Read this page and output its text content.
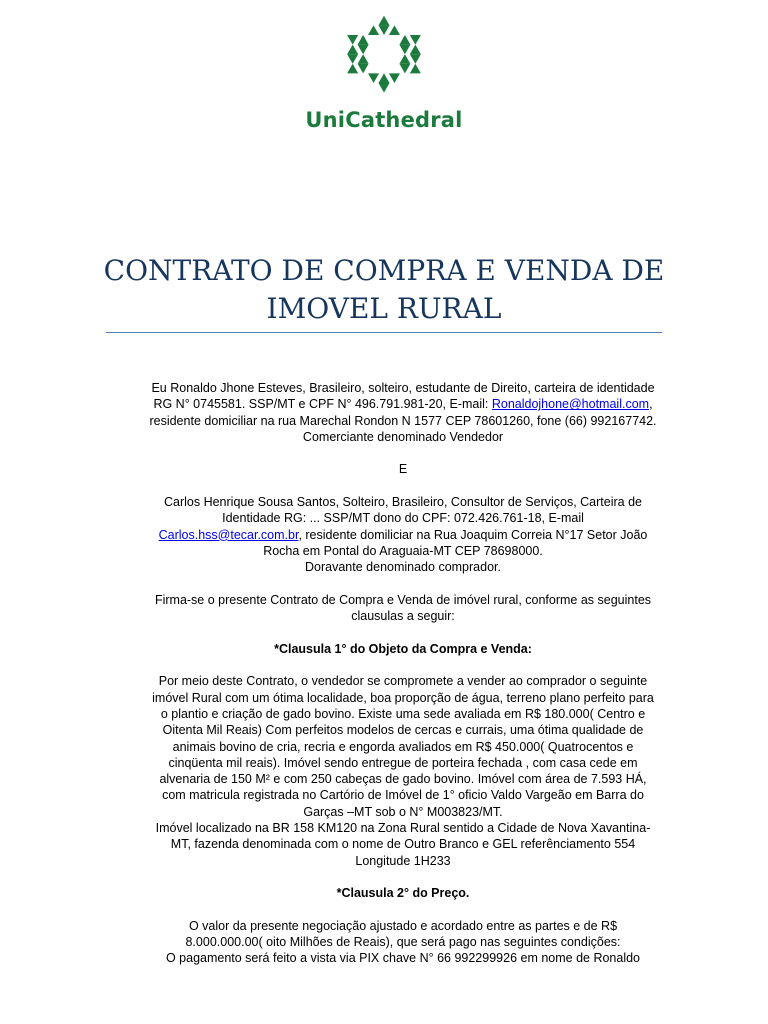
UniCathedral
CONTRATO DE COMPRA E VENDA DE
IMOVEL RURAL

Eu Ronaldo Jhone Esteves, Brasileiro, solteiro, estudante de Direito, carteira de identidade
RG N° 0745581. SSP/MT e CPF N° 496.791.981-20, E-mail: Ronaldojhone@hotmail.com,
residente domiciliar na rua Marechal Rondon N 1577 CEP 78601260, fone (66) 992167742.
Comerciante denominado Vendedor

E

Carlos Henrique Sousa Santos, Solteiro, Brasileiro, Consultor de Serviços, Carteira de
Identidade RG: ... SSP/MT dono do CPF: 072.426.761-18, E-mail
Carlos.hss@tecar.com.br, residente domiliciar na Rua Joaquim Correia N°17 Setor João
Rocha em Pontal do Araguaia-MT CEP 78698000.
Doravante denominado comprador.

Firma-se o presente Contrato de Compra e Venda de imóvel rural, conforme as seguintes
clausulas a seguir:

*Clausula 1° do Objeto da Compra e Venda:

Por meio deste Contrato, o vendedor se compromete a vender ao comprador o seguinte
imóvel Rural com um ótima localidade, boa proporção de água, terreno plano perfeito para
o plantio e criação de gado bovino. Existe uma sede avaliada em R$ 180.000( Centro e
Oitenta Mil Reais) Com perfeitos modelos de cercas e currais, uma ótima qualidade de
animais bovino de cria, recria e engorda avaliados em R$ 450.000( Quatrocentos e
cinqüenta mil reais). Imóvel sendo entregue de porteira fechada , com casa cede em
alvenaria de 150 M² e com 250 cabeças de gado bovino. Imóvel com área de 7.593 HÁ,
com matricula registrada no Cartório de Imóvel de 1° oficio Valdo Vargeão em Barra do
Garças –MT sob o N° M003823/MT.
Imóvel localizado na BR 158 KM120 na Zona Rural sentido a Cidade de Nova Xavantina-
MT, fazenda denominada com o nome de Outro Branco e GEL referênciamento 554
Longitude 1H233

*Clausula 2° do Preço.

O valor da presente negociação ajustado e acordado entre as partes e de R$
8.000.000.00( oito Milhões de Reais), que será pago nas seguintes condições:
O pagamento será feito a vista via PIX chave N° 66 992299926 em nome de Ronaldo
